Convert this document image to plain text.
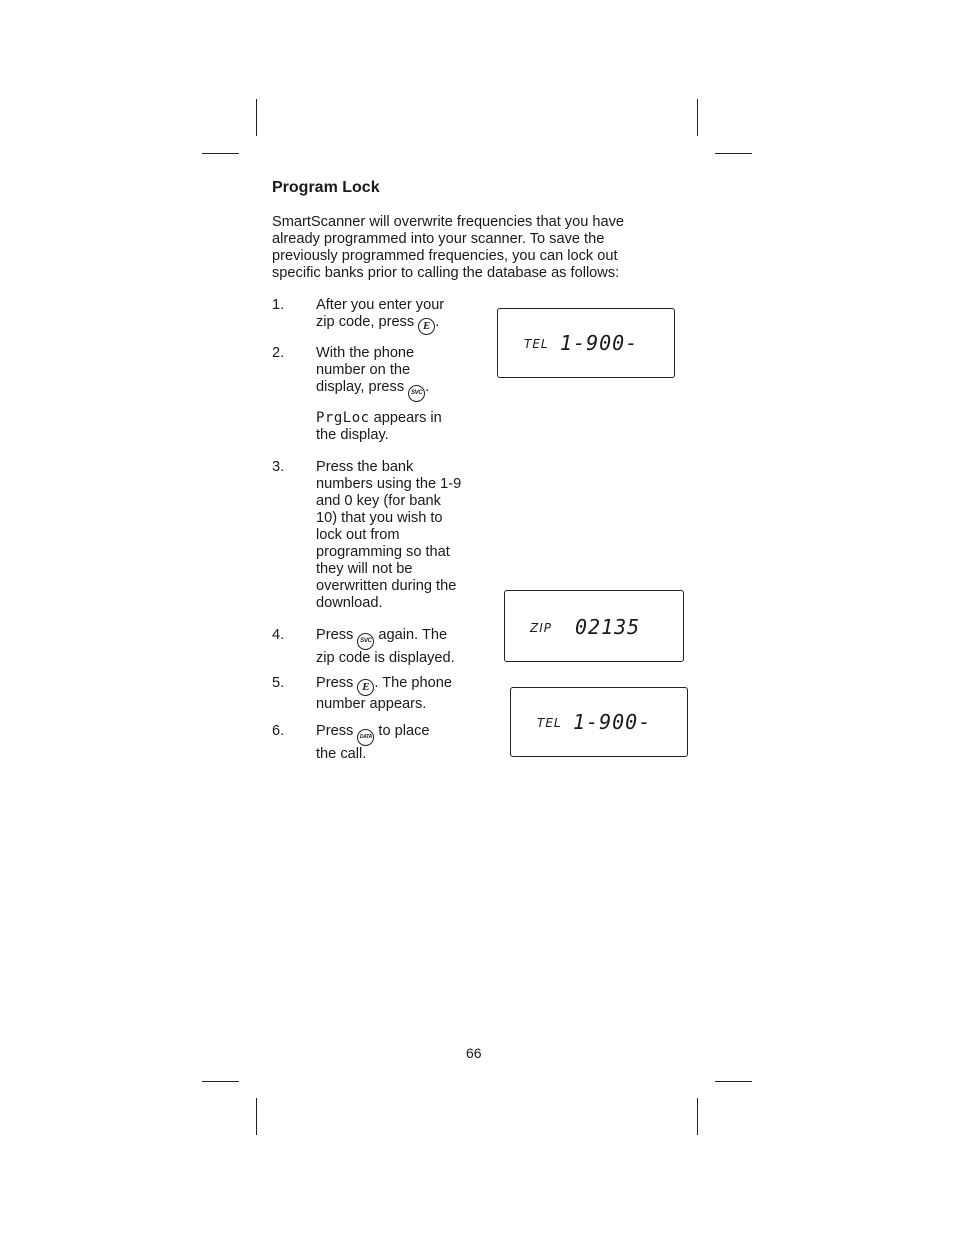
Program Lock
SmartScanner will overwrite frequencies that you have
already programmed into your scanner. To save the
previously programmed frequencies, you can lock out
specific banks prior to calling the database as follows:
1. After you enter your
zip code, press E .
2. With the phone
number on the
display, press SVC .
PrgLoc appears in
the display.
3. Press the bank
numbers using the 1-9
and 0 key (for bank
10) that you wish to
lock out from
programming so that
they will not be
overwritten during the
download.
4. Press SVC again. The
zip code is displayed.
5. Press E . The phone
number appears.
6. Press DATA to place
the call.
TEL 1-900-
ZIP 02135
TEL 1-900-
66
